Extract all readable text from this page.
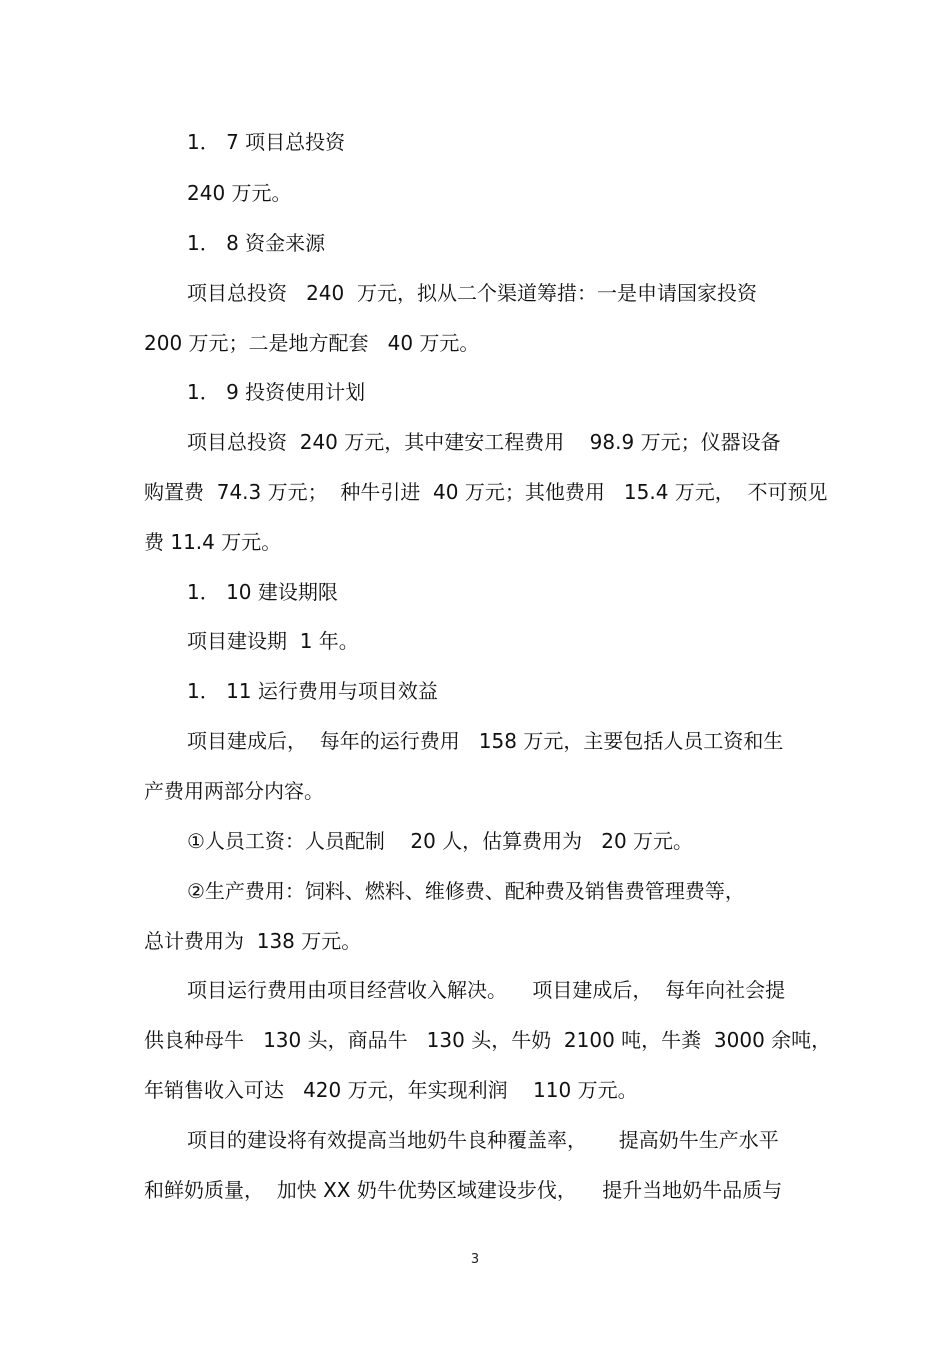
1． 7 项目总投资
240 万元。
1． 8 资金来源
项目总投资   240  万元，拟从二个渠道筹措：一是申请国家投资
200 万元；二是地方配套   40 万元。
1． 9 投资使用计划
项目总投资  240 万元，其中建安工程费用    98.9 万元；仪器设备
购置费  74.3 万元；  种牛引进  40 万元；其他费用   15.4 万元，  不可预见
费 11.4 万元。
1． 10 建设期限
项目建设期  1 年。
1． 11 运行费用与项目效益
项目建成后，  每年的运行费用   158 万元，主要包括人员工资和生
产费用两部分内容。
①人员工资：人员配制    20 人，估算费用为   20 万元。
②生产费用：饲料、燃料、维修费、配种费及销售费管理费等，
总计费用为  138 万元。
项目运行费用由项目经营收入解决。    项目建成后，  每年向社会提
供良种母牛   130 头，商品牛   130 头，牛奶  2100 吨，牛粪  3000 余吨，
年销售收入可达   420 万元，年实现利润    110 万元。
项目的建设将有效提高当地奶牛良种覆盖率，     提高奶牛生产水平
和鲜奶质量，  加快 XX 奶牛优势区域建设步伐，    提升当地奶牛品质与
3
